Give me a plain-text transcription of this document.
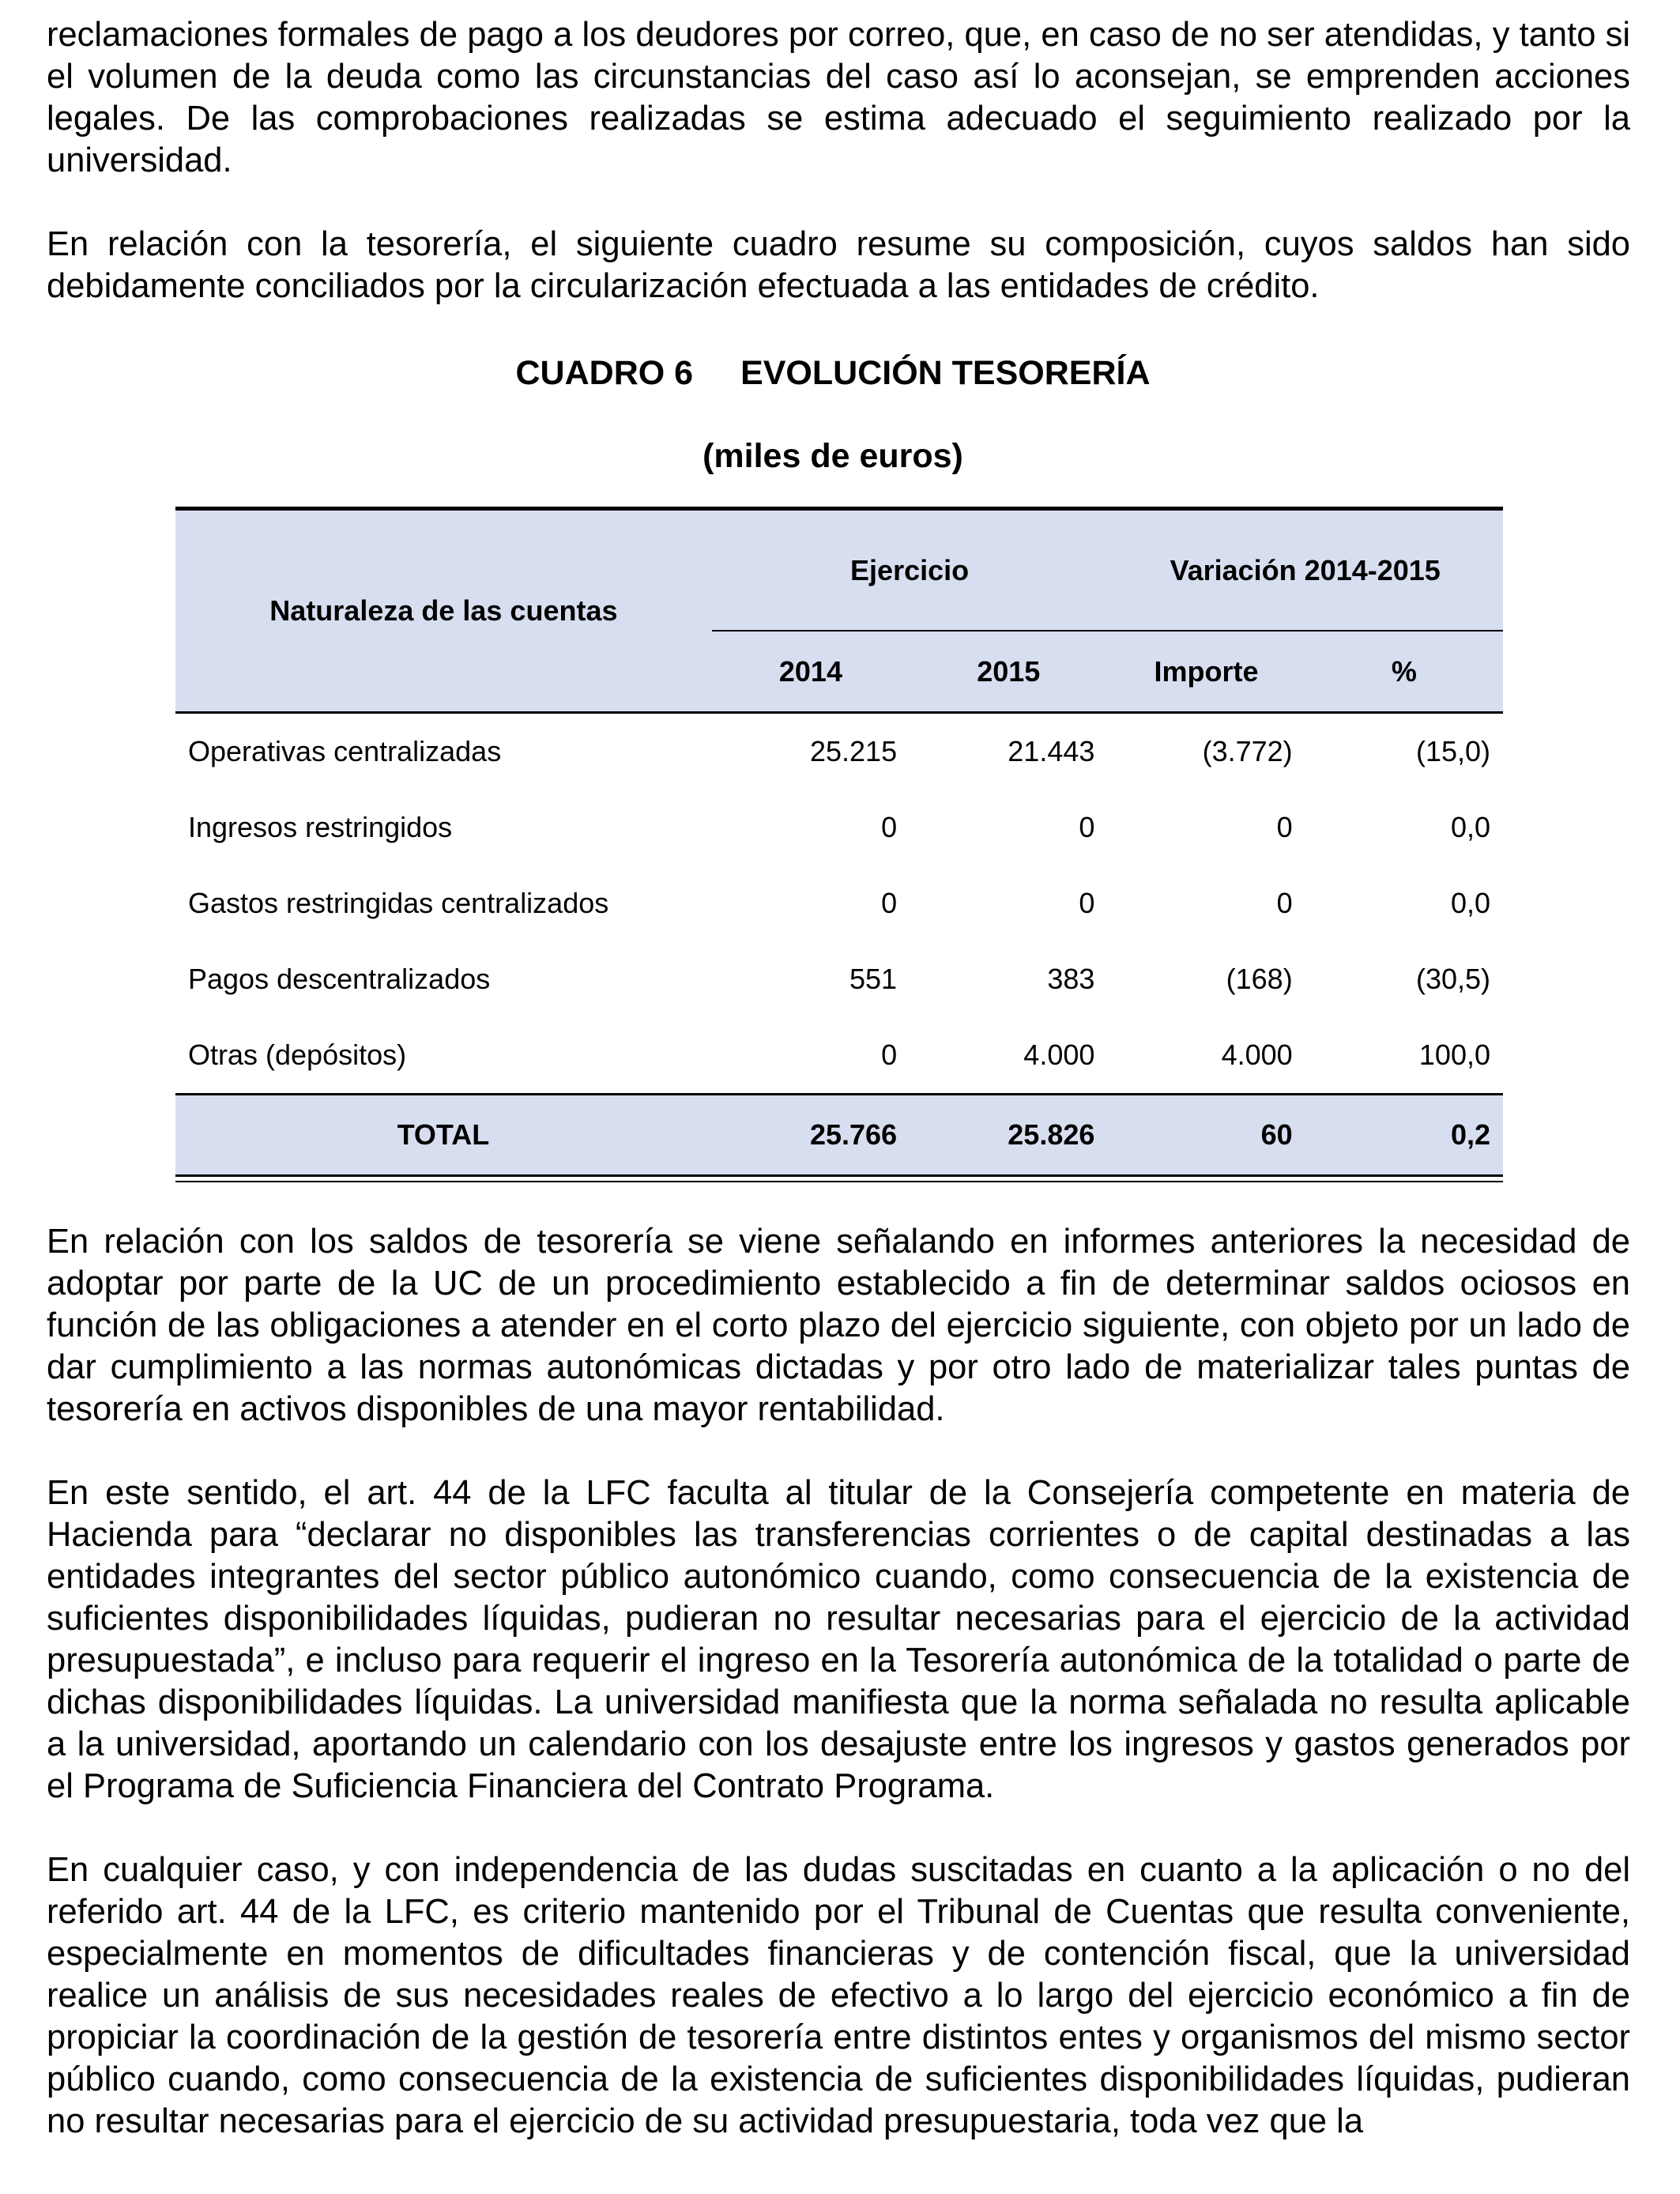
reclamaciones formales de pago a los deudores por correo, que, en caso de no ser atendidas, y tanto si el volumen de la deuda como las circunstancias del caso así lo aconsejan, se emprenden acciones legales. De las comprobaciones realizadas se estima adecuado el seguimiento realizado por la universidad.

En relación con la tesorería, el siguiente cuadro resume su composición, cuyos saldos han sido debidamente conciliados por la circularización efectuada a las entidades de crédito.

CUADRO 6 EVOLUCIÓN TESORERÍA
(miles de euros)

Naturaleza de las cuentas	Ejercicio		Variación 2014-2015	
	2014	2015	Importe	%
Operativas centralizadas	25.215	21.443	(3.772)	(15,0)
Ingresos restringidos	0	0	0	0,0
Gastos restringidas centralizados	0	0	0	0,0
Pagos descentralizados	551	383	(168)	(30,5)
Otras (depósitos)	0	4.000	4.000	100,0
TOTAL	25.766	25.826	60	0,2

En relación con los saldos de tesorería se viene señalando en informes anteriores la necesidad de adoptar por parte de la UC de un procedimiento establecido a fin de determinar saldos ociosos en función de las obligaciones a atender en el corto plazo del ejercicio siguiente, con objeto por un lado de dar cumplimiento a las normas autonómicas dictadas y por otro lado de materializar tales puntas de tesorería en activos disponibles de una mayor rentabilidad.

En este sentido, el art. 44 de la LFC faculta al titular de la Consejería competente en materia de Hacienda para “declarar no disponibles las transferencias corrientes o de capital destinadas a las entidades integrantes del sector público autonómico cuando, como consecuencia de la existencia de suficientes disponibilidades líquidas, pudieran no resultar necesarias para el ejercicio de la actividad presupuestada”, e incluso para requerir el ingreso en la Tesorería autonómica de la totalidad o parte de dichas disponibilidades líquidas. La universidad manifiesta que la norma señalada no resulta aplicable a la universidad, aportando un calendario con los desajuste entre los ingresos y gastos generados por el Programa de Suficiencia Financiera del Contrato Programa.

En cualquier caso, y con independencia de las dudas suscitadas en cuanto a la aplicación o no del referido art. 44 de la LFC, es criterio mantenido por el Tribunal de Cuentas que resulta conveniente, especialmente en momentos de dificultades financieras y de contención fiscal, que la universidad realice un análisis de sus necesidades reales de efectivo a lo largo del ejercicio económico a fin de propiciar la coordinación de la gestión de tesorería entre distintos entes y organismos del mismo sector público cuando, como consecuencia de la existencia de suficientes disponibilidades líquidas, pudieran no resultar necesarias para el ejercicio de su actividad presupuestaria, toda vez que la
